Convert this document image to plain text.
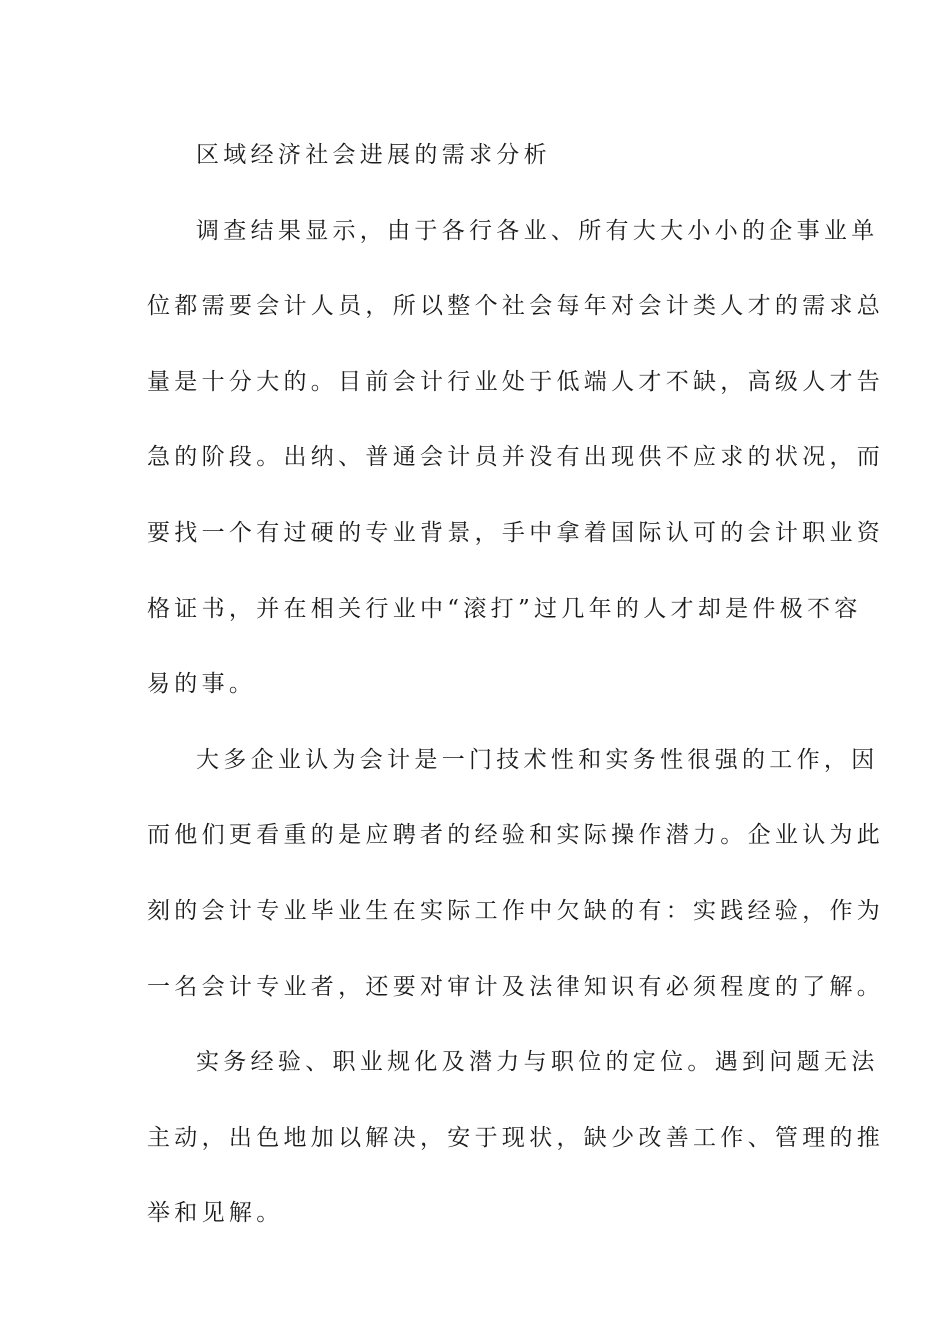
区域经济社会进展的需求分析
调查结果显示，由于各行各业、所有大大小小的企事业单
位都需要会计人员，所以整个社会每年对会计类人才的需求总
量是十分大的。目前会计行业处于低端人才不缺，高级人才告
急的阶段。出纳、普通会计员并没有出现供不应求的状况，而
要找一个有过硬的专业背景，手中拿着国际认可的会计职业资
格证书，并在相关行业中“滚打”过几年的人才却是件极不容
易的事。
大多企业认为会计是一门技术性和实务性很强的工作，因
而他们更看重的是应聘者的经验和实际操作潜力。企业认为此
刻的会计专业毕业生在实际工作中欠缺的有：实践经验，作为
一名会计专业者，还要对审计及法律知识有必须程度的了解。
实务经验、职业规化及潜力与职位的定位。遇到问题无法
主动，出色地加以解决，安于现状，缺少改善工作、管理的推
举和见解。
